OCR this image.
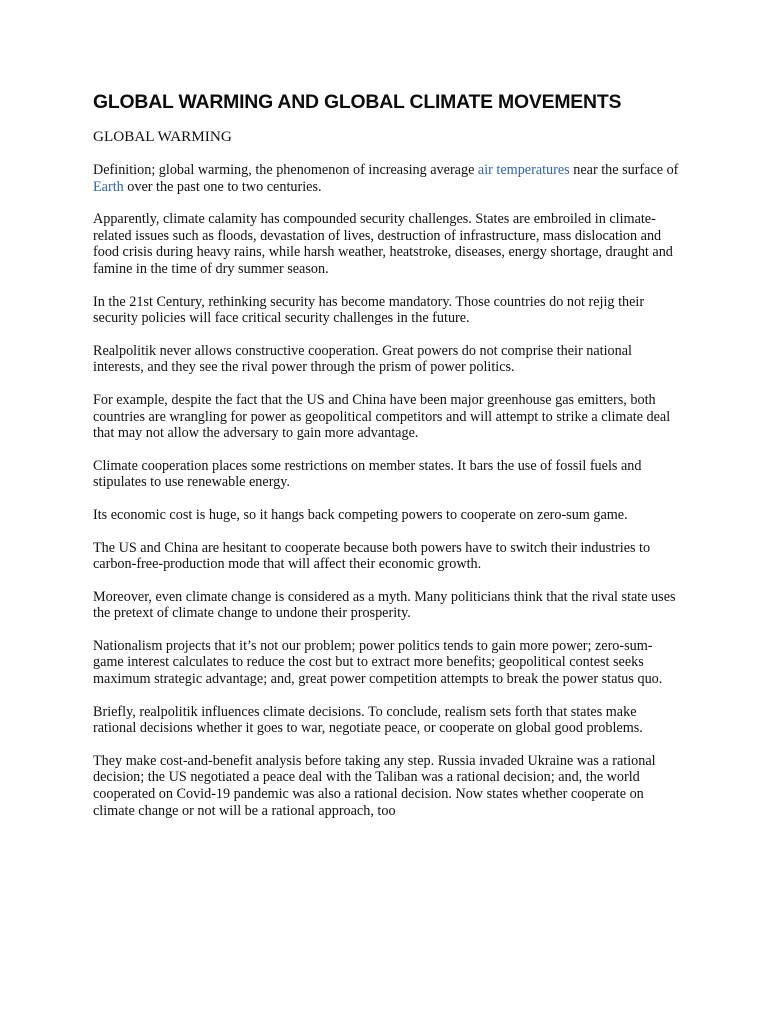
GLOBAL WARMING AND GLOBAL CLIMATE MOVEMENTS
GLOBAL WARMING

Definition; global warming, the phenomenon of increasing average air temperatures near the surface of Earth over the past one to two centuries.

Apparently, climate calamity has compounded security challenges. States are embroiled in climate-related issues such as floods, devastation of lives, destruction of infrastructure, mass dislocation and food crisis during heavy rains, while harsh weather, heatstroke, diseases, energy shortage, draught and famine in the time of dry summer season.

In the 21st Century, rethinking security has become mandatory. Those countries do not rejig their security policies will face critical security challenges in the future.

Realpolitik never allows constructive cooperation. Great powers do not comprise their national interests, and they see the rival power through the prism of power politics.

For example, despite the fact that the US and China have been major greenhouse gas emitters, both countries are wrangling for power as geopolitical competitors and will attempt to strike a climate deal that may not allow the adversary to gain more advantage.

Climate cooperation places some restrictions on member states. It bars the use of fossil fuels and stipulates to use renewable energy.

Its economic cost is huge, so it hangs back competing powers to cooperate on zero-sum game.

The US and China are hesitant to cooperate because both powers have to switch their industries to carbon-free-production mode that will affect their economic growth.

Moreover, even climate change is considered as a myth. Many politicians think that the rival state uses the pretext of climate change to undone their prosperity.

Nationalism projects that it’s not our problem; power politics tends to gain more power; zero-sum-game interest calculates to reduce the cost but to extract more benefits; geopolitical contest seeks maximum strategic advantage; and, great power competition attempts to break the power status quo.

Briefly, realpolitik influences climate decisions. To conclude, realism sets forth that states make rational decisions whether it goes to war, negotiate peace, or cooperate on global good problems.

They make cost-and-benefit analysis before taking any step. Russia invaded Ukraine was a rational decision; the US negotiated a peace deal with the Taliban was a rational decision; and, the world cooperated on Covid-19 pandemic was also a rational decision. Now states whether cooperate on climate change or not will be a rational approach, too
